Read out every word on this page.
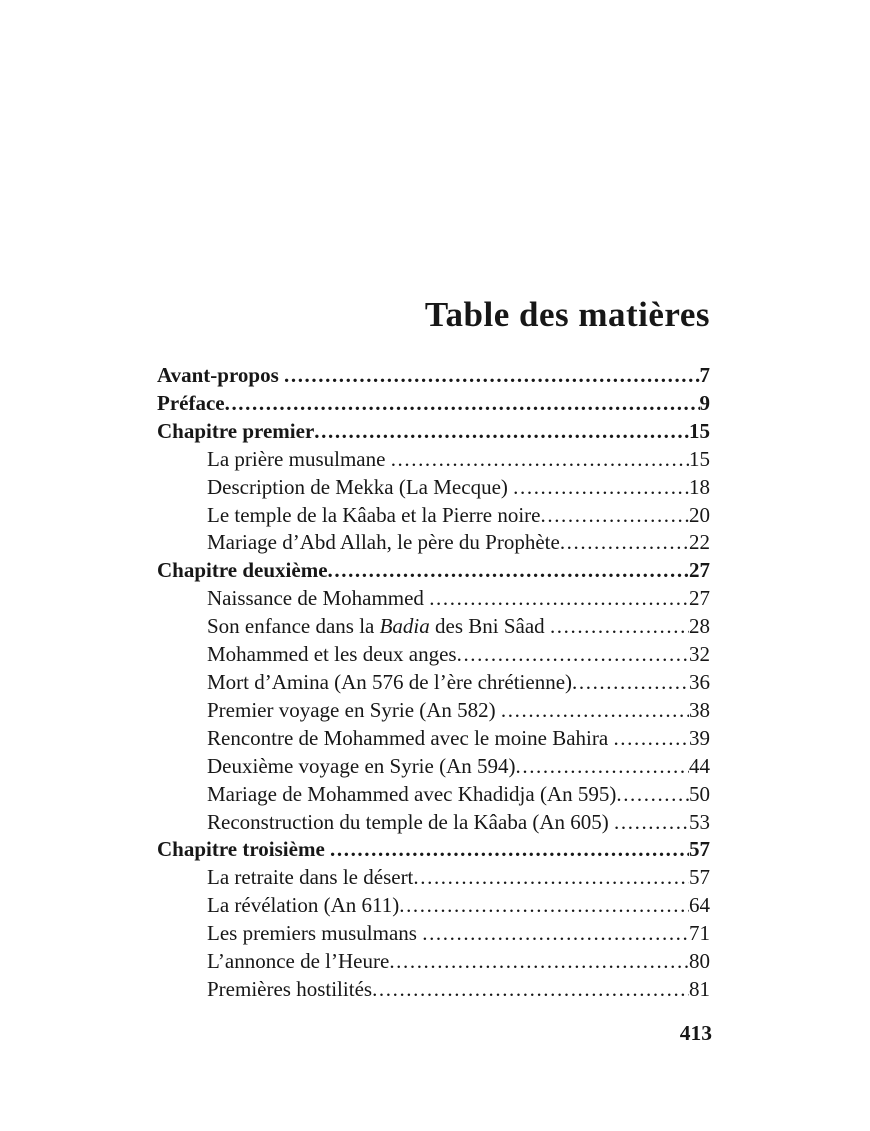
Table des matières
Avant-propos .....	7
Préface .....	9
Chapitre premier .....	15
La prière musulmane .....	15
Description de Mekka (La Mecque) .....	18
Le temple de la Kâaba et la Pierre noire .....	20
Mariage d’Abd Allah, le père du Prophète .....	22
Chapitre deuxième .....	27
Naissance de Mohammed .....	27
Son enfance dans la Badia des Bni Sâad .....	28
Mohammed et les deux anges .....	32
Mort d’Amina (An 576 de l’ère chrétienne) .....	36
Premier voyage en Syrie (An 582) .....	38
Rencontre de Mohammed avec le moine Bahira .....	39
Deuxième voyage en Syrie (An 594) .....	44
Mariage de Mohammed avec Khadidja (An 595) .....	50
Reconstruction du temple de la Kâaba (An 605) .....	53
Chapitre troisième .....	57
La retraite dans le désert .....	57
La révélation (An 611) .....	64
Les premiers musulmans .....	71
L’annonce de l’Heure .....	80
Premières hostilités .....	81
413
